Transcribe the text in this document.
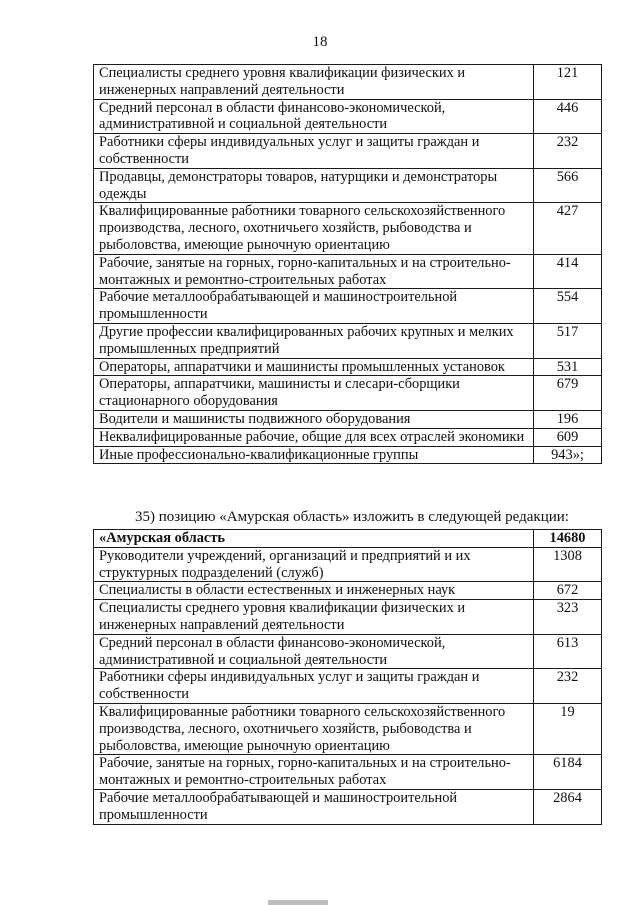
18
Специалисты среднего уровня квалификации физических и инженерных направлений деятельности	121
Средний персонал в области финансово-экономической, административной и социальной деятельности	446
Работники сферы индивидуальных услуг и защиты граждан и собственности	232
Продавцы, демонстраторы товаров, натурщики и демонстраторы одежды	566
Квалифицированные работники товарного сельскохозяйственного производства, лесного, охотничьего хозяйств, рыбоводства и рыболовства, имеющие рыночную ориентацию	427
Рабочие, занятые на горных, горно-капитальных и на строительно-монтажных и ремонтно-строительных работах	414
Рабочие металлообрабатывающей и машиностроительной промышленности	554
Другие профессии квалифицированных рабочих крупных и мелких промышленных предприятий	517
Операторы, аппаратчики и машинисты промышленных установок	531
Операторы, аппаратчики, машинисты и слесари-сборщики стационарного оборудования	679
Водители и машинисты подвижного оборудования	196
Неквалифицированные рабочие, общие для всех отраслей экономики	609
Иные профессионально-квалификационные группы	943»;
35) позицию «Амурская область» изложить в следующей редакции:
«Амурская область	14680
Руководители учреждений, организаций и предприятий и их структурных подразделений (служб)	1308
Специалисты в области естественных и инженерных наук	672
Специалисты среднего уровня квалификации физических и инженерных направлений деятельности	323
Средний персонал в области финансово-экономической, административной и социальной деятельности	613
Работники сферы индивидуальных услуг и защиты граждан и собственности	232
Квалифицированные работники товарного сельскохозяйственного производства, лесного, охотничьего хозяйств, рыбоводства и рыболовства, имеющие рыночную ориентацию	19
Рабочие, занятые на горных, горно-капитальных и на строительно-монтажных и ремонтно-строительных работах	6184
Рабочие металлообрабатывающей и машиностроительной промышленности	2864
